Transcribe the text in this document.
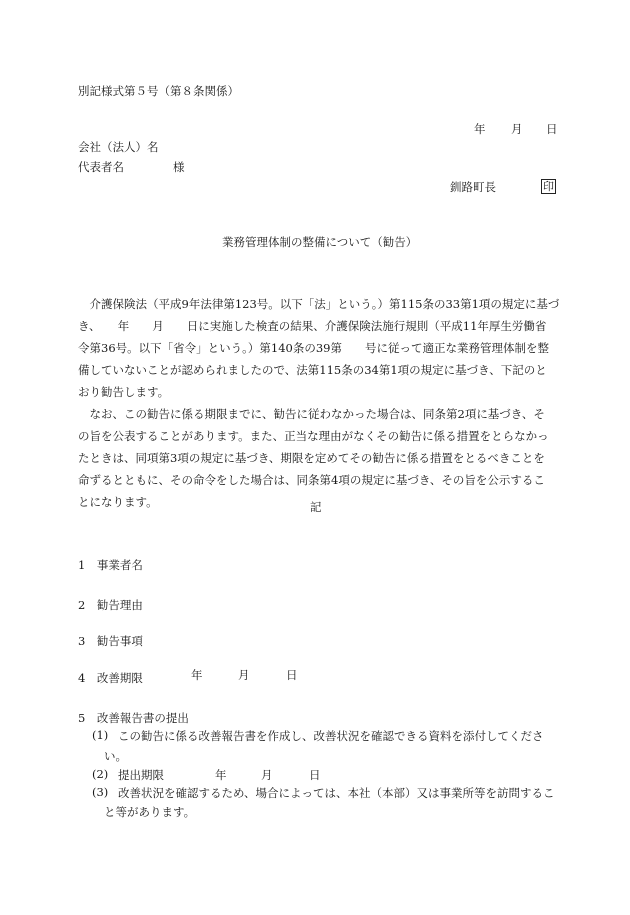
別記様式第５号（第８条関係）
年 月 日
会社（法人）名
代表者名	様
釧路町長	印
業務管理体制の整備について（勧告）
　介護保険法（平成9年法律第123号。以下「法」という。）第115条の33第1項の規定に基づ
き、　　年　　月　　日に実施した検査の結果、介護保険法施行規則（平成11年厚生労働省
令第36号。以下「省令」という。）第140条の39第　　号に従って適正な業務管理体制を整
備していないことが認められましたので、法第115条の34第1項の規定に基づき、下記のと
おり勧告します。
　なお、この勧告に係る期限までに、勧告に従わなかった場合は、同条第2項に基づき、そ
の旨を公表することがあります。また、正当な理由がなくその勧告に係る措置をとらなかっ
たときは、同項第3項の規定に基づき、期限を定めてその勧告に係る措置をとるべきことを
命ずるとともに、その命令をした場合は、同条第4項の規定に基づき、その旨を公示するこ
とになります。	記
1　事業者名
2　勧告理由
3　勧告事項
4　改善期限	年	月	日
5　改善報告書の提出
(1) この勧告に係る改善報告書を作成し、改善状況を確認できる資料を添付してくださ
い。
(2) 提出期限	年	月	日
(3) 改善状況を確認するため、場合によっては、本社（本部）又は事業所等を訪問するこ
と等があります。
